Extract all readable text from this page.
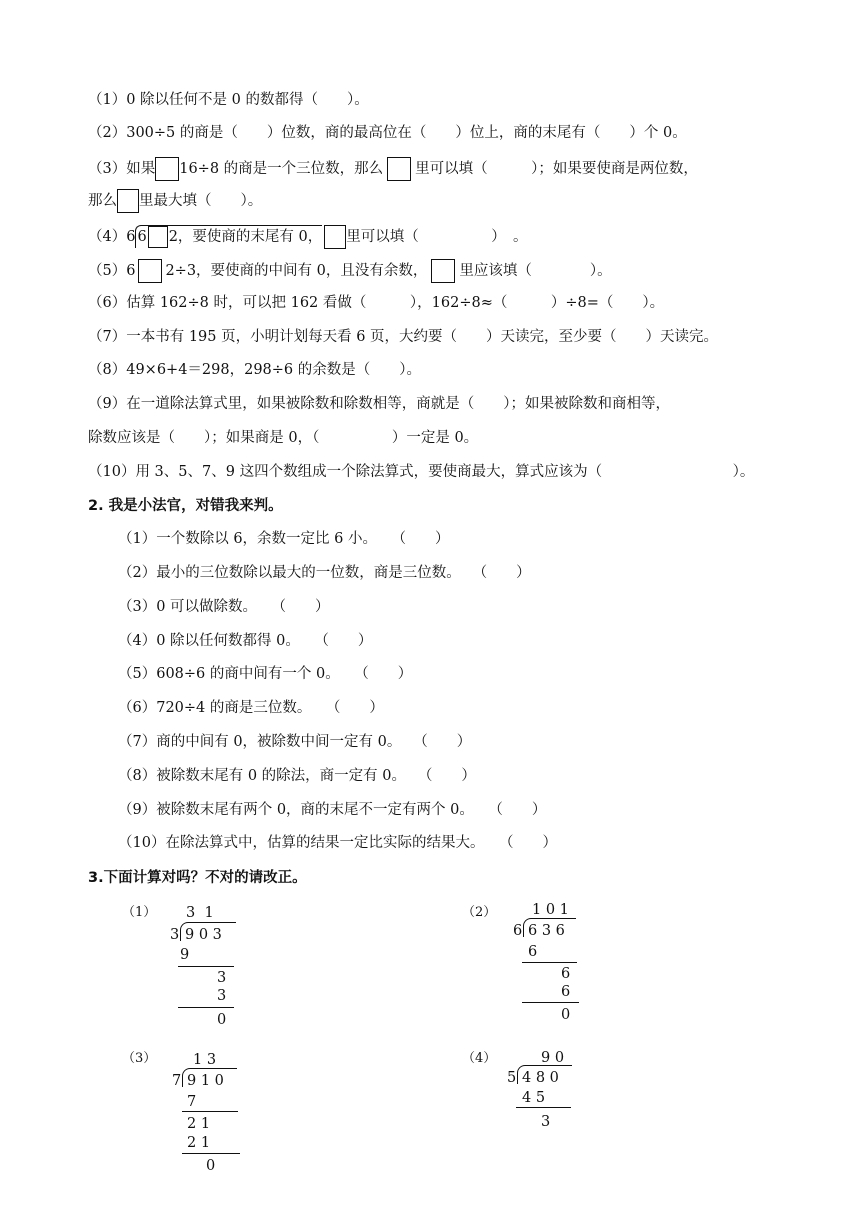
（1）0 除以任何不是 0 的数都得（　　）。
（2）300÷5 的商是（　　）位数，商的最高位在（　　）位上，商的末尾有（　　）个 0。
（3）如果 16÷8 的商是一个三位数，那么 里可以填（　　　）；如果要使商是两位数，
那么 里最大填（　　）。
（4）6 6 2，要使商的末尾有 0， 里可以填（　　　　　）　。
（5）6 2÷3，要使商的中间有 0，且没有余数， 里应该填（　　　　）。
（6）估算 162÷8 时，可以把 162 看做（　　　），162÷8≈（　　　）÷8=（　　）。
（7）一本书有 195 页，小明计划每天看 6 页，大约要（　　）天读完，至少要（　　）天读完。
（8）49×6+4＝298，298÷6 的余数是（　　）。
（9）在一道除法算式里，如果被除数和除数相等，商就是（　　）；如果被除数和商相等，
除数应该是（　　）；如果商是 0，（　　　　　）一定是 0。
（10）用 3、5、7、9 这四个数组成一个除法算式，要使商最大，算式应该为（　　　　　　　　　）。
2. 我是小法官，对错我来判。
（1）一个数除以 6，余数一定比 6 小。　　（　　）
（2）最小的三位数除以最大的一位数，商是三位数。　 （　　）
（3）0 可以做除数。　　（　　）
（4）0 除以任何数都得 0。　　（　　）
（5）608÷6 的商中间有一个 0。　　（　　）
（6）720÷4 的商是三位数。　　（　　）
（7）商的中间有 0，被除数中间一定有 0。　 （　　）
（8）被除数末尾有 0 的除法，商一定有 0。　 （　　）
（9）被除数末尾有两个 0，商的末尾不一定有两个 0。　　（　　）
（10）在除法算式中，估算的结果一定比实际的结果大。　　（　　）
3.下面计算对吗？不对的请改正。
（1） 3  1
3 9 0 3
9
3
3
0
（2） 1 0 1
6 6 3 6
6
6
6
0
（3）	1 3
7 9 1 0
7
2 1
2 1
0
（4）	9 0
5 4 8 0
4 5
3
